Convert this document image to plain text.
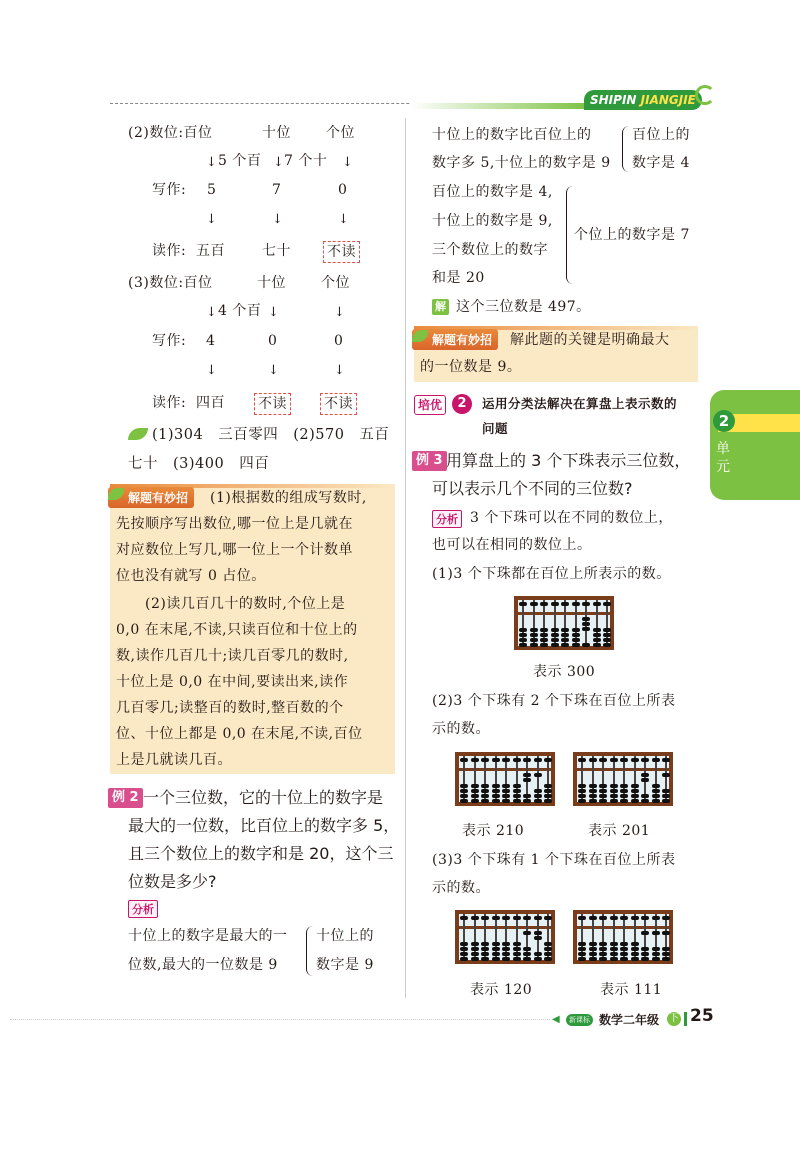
SHIPIN JIANGJIE
2
单元
(2)数位:百位	十位	个位
↓ 5 个百 ↓ 7 个十 ↓
写作: 5	7	0
↓	↓	↓
读作: 五百	七十	不读
(3)数位:百位	十位	个位
↓ 4 个百 ↓	↓
写作: 4	0	0
↓	↓	↓
读作: 四百 不读	不读
(1)304　三百零四　(2)570　五百
七十　(3)400　四百
解题有妙招	(1)根据数的组成写数时,
先按顺序写出数位,哪一位上是几就在
对应数位上写几,哪一位上一个计数单
位也没有就写 0 占位。
　　(2)读几百几十的数时,个位上是
0,0 在末尾,不读,只读百位和十位上的
数,读作几百几十;读几百零几的数时,
十位上是 0,0 在中间,要读出来,读作
几百零几;读整百的数时,整百数的个
位、十位上都是 0,0 在末尾,不读,百位
上是几就读几百。
例 2 一个三位数，它的十位上的数字是
最大的一位数，比百位上的数字多 5，
且三个数位上的数字和是 20，这个三
位数是多少?
分析
十位上的数字是最大的一
位数,最大的一位数是 9
十位上的
数字是 9
十位上的数字比百位上的
数字多 5,十位上的数字是 9
百位上的
数字是 4
百位上的数字是 4,
十位上的数字是 9,
三个数位上的数字
和是 20
个位上的数字是 7
解 这个三位数是 497。
解题有妙招	解此题的关键是明确最大
的一位数是 9。
培优	2	运用分类法解决在算盘上表示数的
问题
例 3 用算盘上的 3 个下珠表示三位数，
可以表示几个不同的三位数?
分析 3 个下珠可以在不同的数位上，
也可以在相同的数位上。
(1)3 个下珠都在百位上所表示的数。
表示 300
(2)3 个下珠有 2 个下珠在百位上所表
示的数。
表示 210	表示 201
(3)3 个下珠有 1 个下珠在百位上所表
示的数。
表示 120	表示 111
◀	新课标 数学二年级 下 25
